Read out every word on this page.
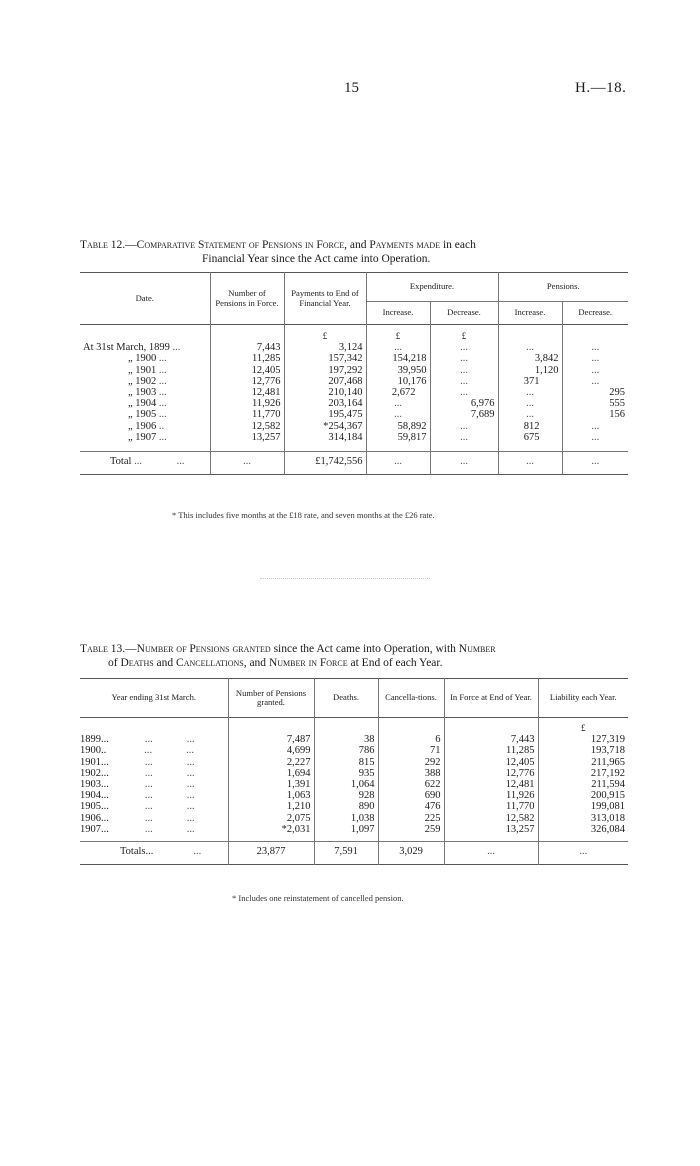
15	H.—18.
Table 12.—Comparative Statement of Pensions in Force, and Payments made in each
Financial Year since the Act came into Operation.
Date.	Number of Pensions in Force.	Payments to End of Financial Year.	Expenditure.		Pensions.	
			Increase.	Decrease.	Increase.	Decrease.
		£	£	£		
At 31st March, 1899 ...	7,443	3,124	...	...	...	...
„ 1900 ...	11,285	157,342	154,218	...	3,842	...
„ 1901 ...	12,405	197,292	39,950	...	1,120	...
„ 1902 ...	12,776	207,468	10,176	...	371	...
„ 1903 ...	12,481	210,140	2,672	...	...	295
„ 1904 ...	11,926	203,164	...	6,976	...	555
„ 1905 ...	11,770	195,475	...	7,689	...	156
„ 1906 ..	12,582	*254,367	58,892	...	812	...
„ 1907 ...	13,257	314,184	59,817	...	675	...
Total ... ...	...	£1,742,556	...	...	...	...
* This includes five months at the £18 rate, and seven months at the £26 rate.
Table 13.—Number of Pensions granted since the Act came into Operation, with Number
of Deaths and Cancellations, and Number in Force at End of each Year.
Year ending 31st March.	Number of Pensions granted.	Deaths.	Cancella-tions.	In Force at End of Year.	Liability each Year.
					£
1899... ... ...	7,487	38	6	7,443	127,319
1900.. ... ...	4,699	786	71	11,285	193,718
1901... ... ...	2,227	815	292	12,405	211,965
1902... ... ...	1,694	935	388	12,776	217,192
1903... ... ...	1,391	1,064	622	12,481	211,594
1904... ... ...	1,063	928	690	11,926	200,915
1905... ... ...	1,210	890	476	11,770	199,081
1906... ... ...	2,075	1,038	225	12,582	313,018
1907... ... ...	*2,031	1,097	259	13,257	326,084
Totals... ...	23,877	7,591	3,029	...	...
* Includes one reinstatement of cancelled pension.
